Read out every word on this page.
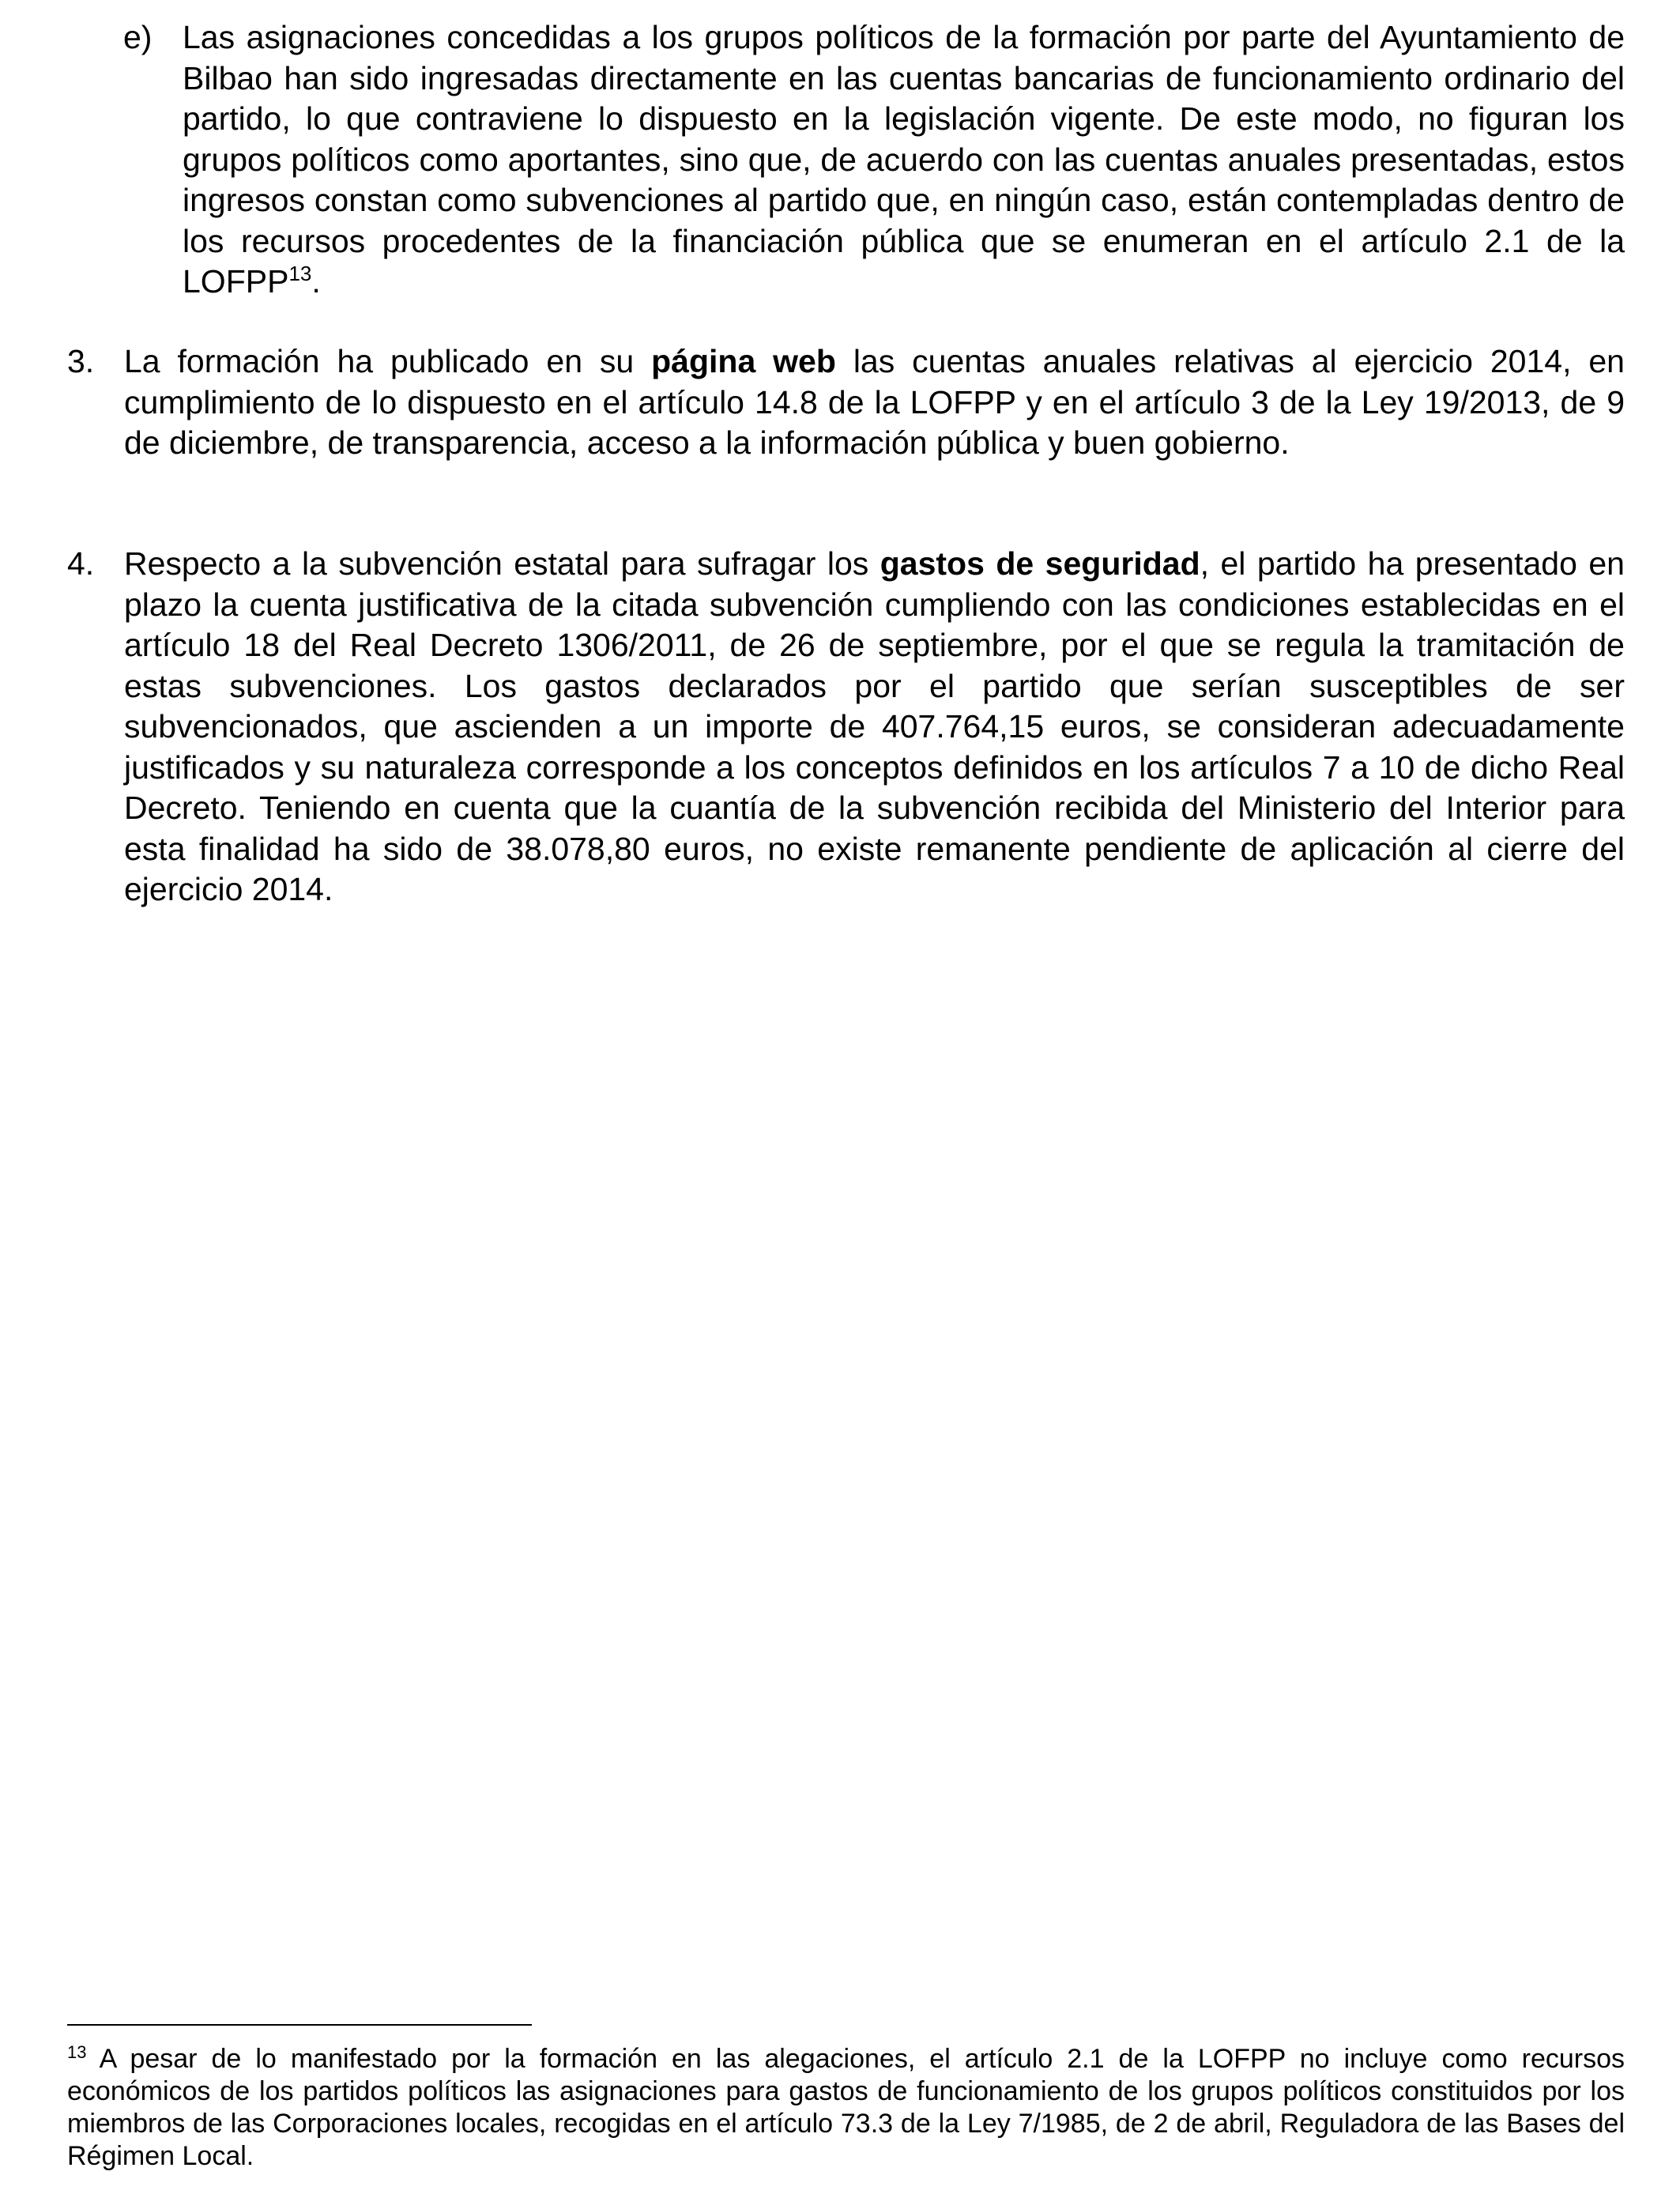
e) Las asignaciones concedidas a los grupos políticos de la formación por parte del Ayuntamiento de Bilbao han sido ingresadas directamente en las cuentas bancarias de funcionamiento ordinario del partido, lo que contraviene lo dispuesto en la legislación vigente. De este modo, no figuran los grupos políticos como aportantes, sino que, de acuerdo con las cuentas anuales presentadas, estos ingresos constan como subvenciones al partido que, en ningún caso, están contempladas dentro de los recursos procedentes de la financiación pública que se enumeran en el artículo 2.1 de la LOFPP$^{13}$.
3. La formación ha publicado en su página web las cuentas anuales relativas al ejercicio 2014, en cumplimiento de lo dispuesto en el artículo 14.8 de la LOFPP y en el artículo 3 de la Ley 19/2013, de 9 de diciembre, de transparencia, acceso a la información pública y buen gobierno.
4. Respecto a la subvención estatal para sufragar los gastos de seguridad, el partido ha presentado en plazo la cuenta justificativa de la citada subvención cumpliendo con las condiciones establecidas en el artículo 18 del Real Decreto 1306/2011, de 26 de septiembre, por el que se regula la tramitación de estas subvenciones. Los gastos declarados por el partido que serían susceptibles de ser subvencionados, que ascienden a un importe de 407.764,15 euros, se consideran adecuadamente justificados y su naturaleza corresponde a los conceptos definidos en los artículos 7 a 10 de dicho Real Decreto. Teniendo en cuenta que la cuantía de la subvención recibida del Ministerio del Interior para esta finalidad ha sido de 38.078,80 euros, no existe remanente pendiente de aplicación al cierre del ejercicio 2014.
$^{13}$ A pesar de lo manifestado por la formación en las alegaciones, el artículo 2.1 de la LOFPP no incluye como recursos económicos de los partidos políticos las asignaciones para gastos de funcionamiento de los grupos políticos constituidos por los miembros de las Corporaciones locales, recogidas en el artículo 73.3 de la Ley 7/1985, de 2 de abril, Reguladora de las Bases del Régimen Local.
